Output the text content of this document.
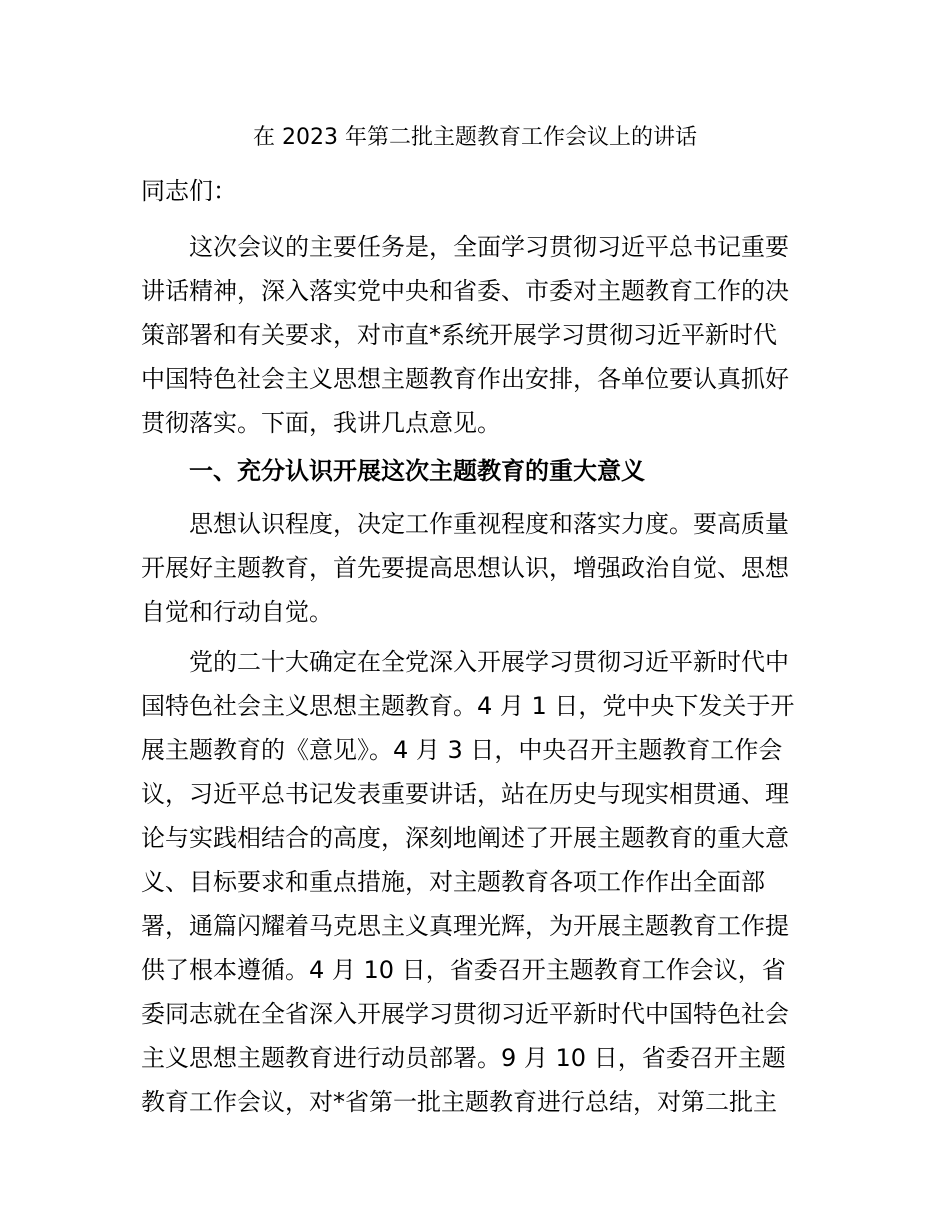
在 2023 年第二批主题教育工作会议上的讲话
同志们：
这次会议的主要任务是，全面学习贯彻习近平总书记重要
讲话精神，深入落实党中央和省委、市委对主题教育工作的决
策部署和有关要求，对市直*系统开展学习贯彻习近平新时代
中国特色社会主义思想主题教育作出安排，各单位要认真抓好
贯彻落实。下面，我讲几点意见。
一、充分认识开展这次主题教育的重大意义
思想认识程度，决定工作重视程度和落实力度。要高质量
开展好主题教育，首先要提高思想认识，增强政治自觉、思想
自觉和行动自觉。
党的二十大确定在全党深入开展学习贯彻习近平新时代中
国特色社会主义思想主题教育。4 月 1 日，党中央下发关于开
展主题教育的《意见》。4 月 3 日，中央召开主题教育工作会
议，习近平总书记发表重要讲话，站在历史与现实相贯通、理
论与实践相结合的高度，深刻地阐述了开展主题教育的重大意
义、目标要求和重点措施，对主题教育各项工作作出全面部
署，通篇闪耀着马克思主义真理光辉，为开展主题教育工作提
供了根本遵循。4 月 10 日，省委召开主题教育工作会议，省
委同志就在全省深入开展学习贯彻习近平新时代中国特色社会
主义思想主题教育进行动员部署。9 月 10 日，省委召开主题
教育工作会议，对*省第一批主题教育进行总结，对第二批主
